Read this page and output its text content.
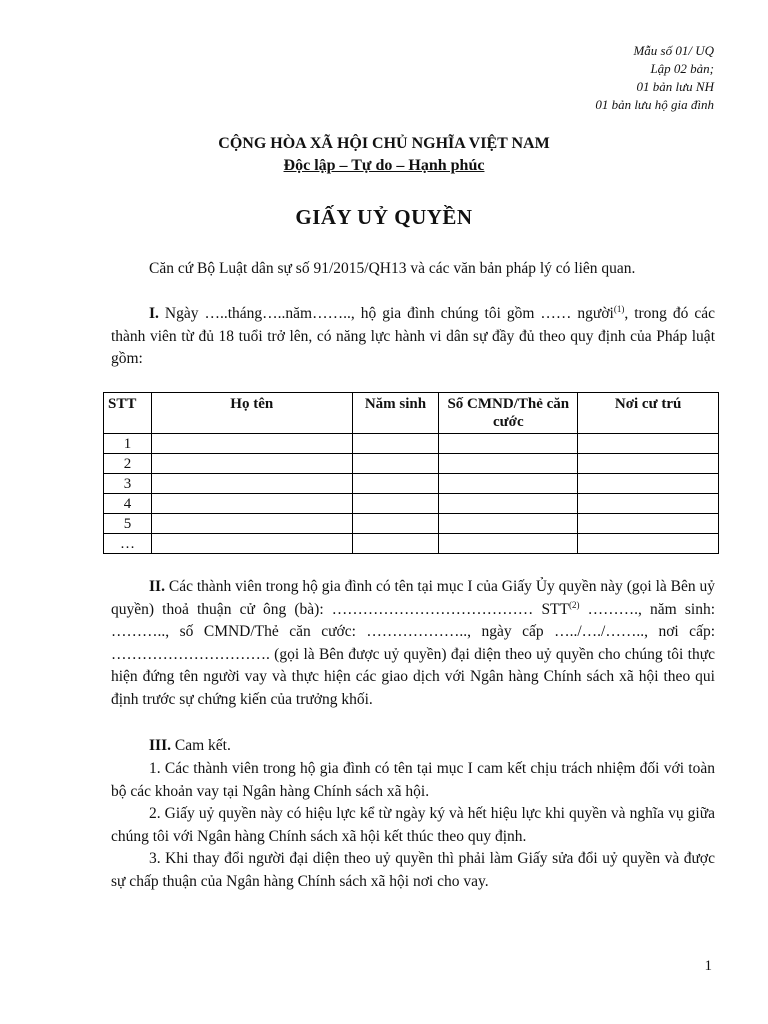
Mẫu số 01/ UQ
Lập 02 bản;
01 bản lưu NH
01 bản lưu hộ gia đình
CỘNG HÒA XÃ HỘI CHỦ NGHĨA VIỆT NAM
Độc lập – Tự do – Hạnh phúc
GIẤY UỶ QUYỀN
Căn cứ Bộ Luật dân sự số 91/2015/QH13 và các văn bản pháp lý có liên quan.
I. Ngày …..tháng…..năm…….., hộ gia đình chúng tôi gồm …… người$^{(1)}$, trong đó các thành viên từ đủ 18 tuổi trở lên, có năng lực hành vi dân sự đầy đủ theo quy định của Pháp luật gồm:
STT	Họ tên	Năm sinh	Số CMND/Thẻ căn cước	Nơi cư trú
1				
2				
3				
4				
5				
…				
II. Các thành viên trong hộ gia đình có tên tại mục I của Giấy Ủy quyền này (gọi là Bên uỷ quyền) thoả thuận cử ông (bà): ………………………………… STT$^{(2)}$ ………., năm sinh: ……….., số CMND/Thẻ căn cước: ……………….., ngày cấp …../…./…….., nơi cấp: …………………………. (gọi là Bên được uỷ quyền) đại diện theo uỷ quyền cho chúng tôi thực hiện đứng tên người vay và thực hiện các giao dịch với Ngân hàng Chính sách xã hội theo qui định trước sự chứng kiến của trưởng khối.
III. Cam kết.
1. Các thành viên trong hộ gia đình có tên tại mục I cam kết chịu trách nhiệm đối với toàn bộ các khoản vay tại Ngân hàng Chính sách xã hội.
2. Giấy uỷ quyền này có hiệu lực kể từ ngày ký và hết hiệu lực khi quyền và nghĩa vụ giữa chúng tôi với Ngân hàng Chính sách xã hội kết thúc theo quy định.
3. Khi thay đổi người đại diện theo uỷ quyền thì phải làm Giấy sửa đổi uỷ quyền và được sự chấp thuận của Ngân hàng Chính sách xã hội nơi cho vay.
1
